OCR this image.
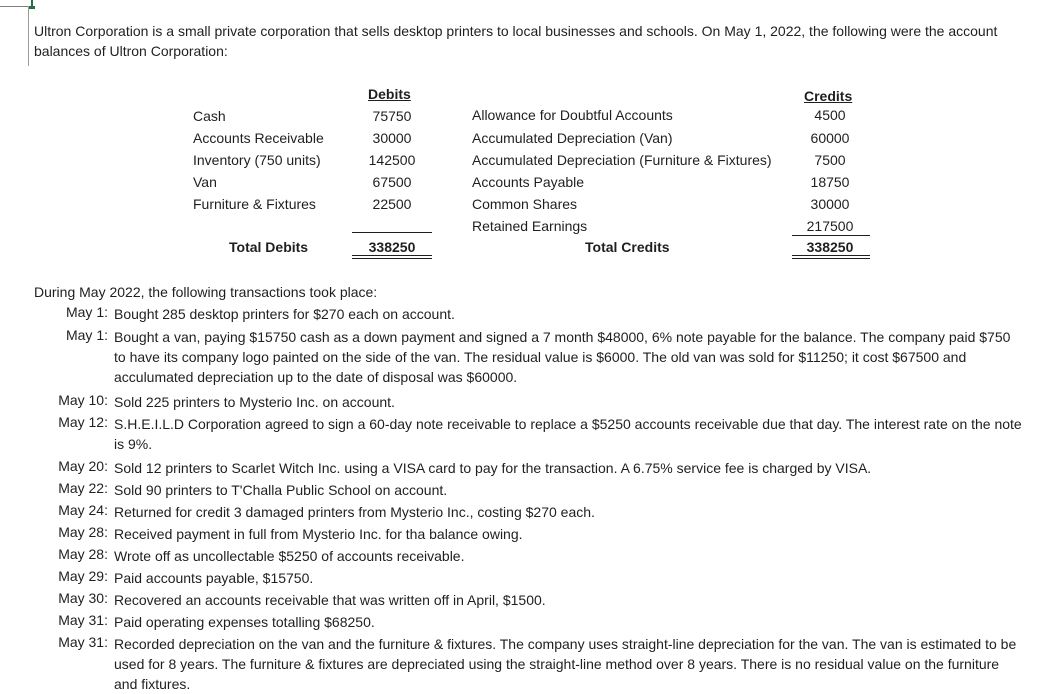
Ultron Corporation is a small private corporation that sells desktop printers to local businesses and schools. On May 1, 2022, the following were the account balances of Ultron Corporation:
Debits
Cash	75750
Accounts Receivable	30000
Inventory (750 units)	142500
Van	67500
Furniture & Fixtures	22500
Total Debits	338250
Credits
Allowance for Doubtful Accounts	4500
Accumulated Depreciation (Van)	60000
Accumulated Depreciation (Furniture & Fixtures)	7500
Accounts Payable	18750
Common Shares	30000
Retained Earnings	217500
Total Credits	338250
During May 2022, the following transactions took place:
May 1: Bought 285 desktop printers for $270 each on account.
May 1: Bought a van, paying $15750 cash as a down payment and signed a 7 month $48000, 6% note payable for the balance. The company paid $750 to have its company logo painted on the side of the van. The residual value is $6000. The old van was sold for $11250; it cost $67500 and acculumated depreciation up to the date of disposal was $60000.
May 10: Sold 225 printers to Mysterio Inc. on account.
May 12: S.H.E.I.L.D Corporation agreed to sign a 60-day note receivable to replace a $5250 accounts receivable due that day. The interest rate on the note is 9%.
May 20: Sold 12 printers to Scarlet Witch Inc. using a VISA card to pay for the transaction. A 6.75% service fee is charged by VISA.
May 22: Sold 90 printers to T'Challa Public School on account.
May 24: Returned for credit 3 damaged printers from Mysterio Inc., costing $270 each.
May 28: Received payment in full from Mysterio Inc. for tha balance owing.
May 28: Wrote off as uncollectable $5250 of accounts receivable.
May 29: Paid accounts payable, $15750.
May 30: Recovered an accounts receivable that was written off in April, $1500.
May 31: Paid operating expenses totalling $68250.
May 31: Recorded depreciation on the van and the furniture & fixtures. The company uses straight-line depreciation for the van. The van is estimated to be used for 8 years. The furniture & fixtures are depreciated using the straight-line method over 8 years. There is no residual value on the furniture and fixtures.
